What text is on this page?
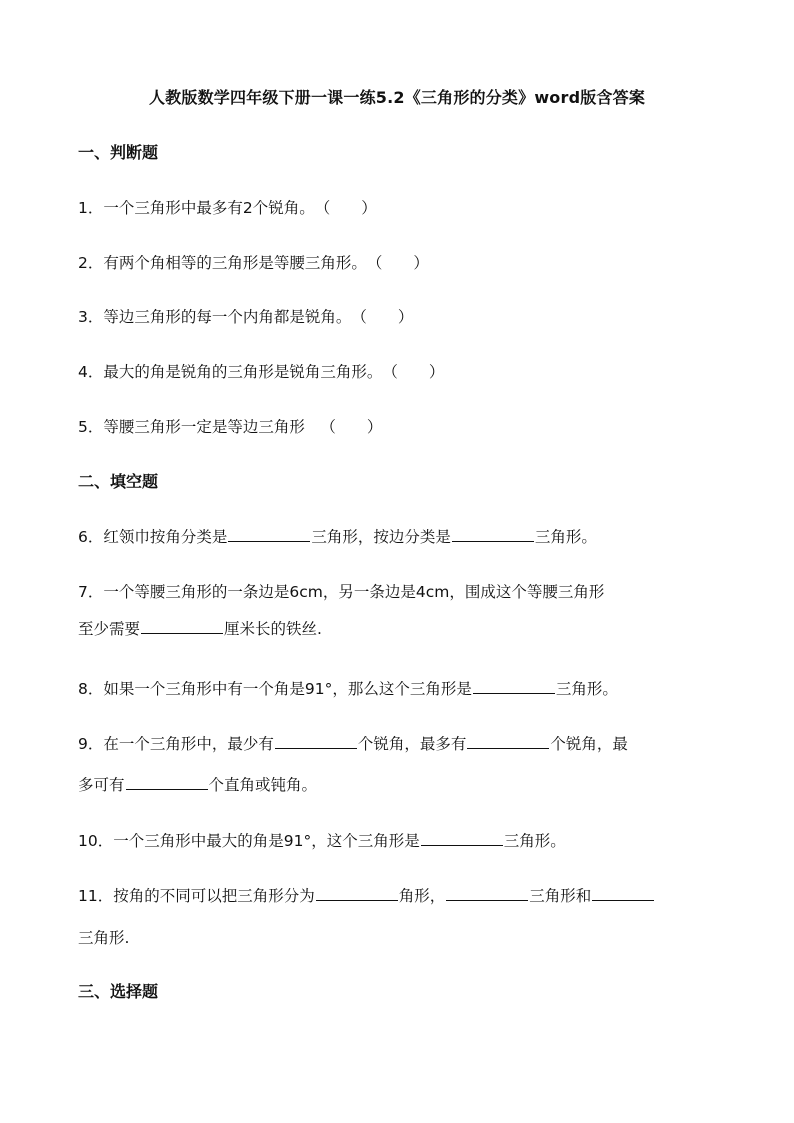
人教版数学四年级下册一课一练5.2《三角形的分类》word版含答案
一、判断题
1．一个三角形中最多有2个锐角。（　　）
2．有两个角相等的三角形是等腰三角形。（　　）
3．等边三角形的每一个内角都是锐角。（　　）
4．最大的角是锐角的三角形是锐角三角形。（　　）
5．等腰三角形一定是等边三角形　（　　）
二、填空题
6．红领巾按角分类是	三角形，按边分类是	三角形。
7．一个等腰三角形的一条边是6cm，另一条边是4cm，围成这个等腰三角形
至少需要	厘米长的铁丝.
8．如果一个三角形中有一个角是91°，那么这个三角形是	三角形。
9．在一个三角形中，最少有	个锐角，最多有	个锐角，最
多可有	个直角或钝角。
10．一个三角形中最大的角是91°，这个三角形是	三角形。
11．按角的不同可以把三角形分为	角形，	三角形和
三角形.
三、选择题
